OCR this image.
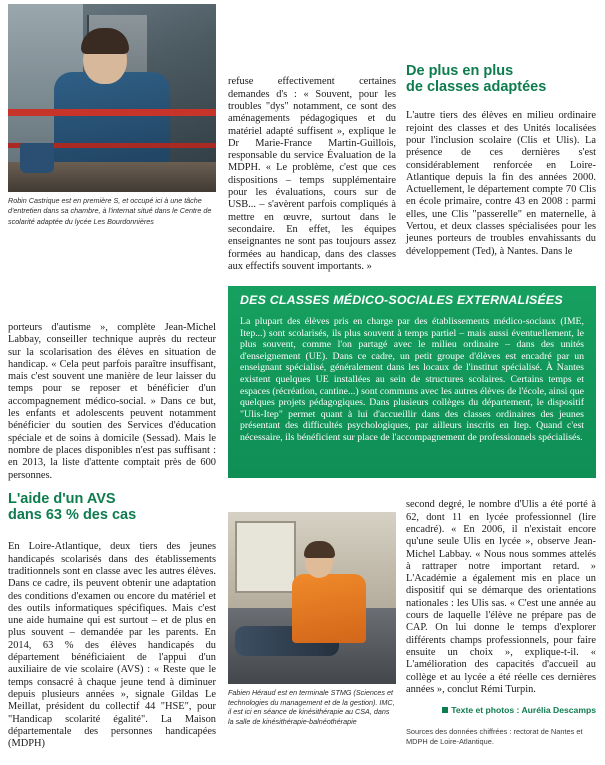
Robin Castrique est en première S, et occupé ici à une tâche d'entretien dans sa chambre, à l'internat situé dans le Centre de scolarité adaptée du lycée Les Bourdonnières

porteurs d'autisme », complète Jean-Michel Labbay, conseiller technique auprès du recteur sur la scolarisation des élèves en situation de handicap. « Cela peut parfois paraître insuffisant, mais c'est souvent une manière de leur laisser du temps pour se reposer et bénéficier d'un accompagnement médico-social. » Dans ce but, les enfants et adolescents peuvent notamment bénéficier du soutien des Services d'éducation spéciale et de soins à domicile (Sessad). Mais le nombre de places disponibles n'est pas suffisant : en 2013, la liste d'attente comptait près de 600 personnes.

L'aide d'un AVS
dans 63 % des cas

En Loire-Atlantique, deux tiers des jeunes handicapés scolarisés dans des établissements traditionnels sont en classe avec les autres élèves. Dans ce cadre, ils peuvent obtenir une adaptation des conditions d'examen ou encore du matériel et des outils informatiques spécifiques. Mais c'est une aide humaine qui est surtout – et de plus en plus souvent – demandée par les parents. En 2014, 63 % des élèves handicapés du département bénéficiaient de l'appui d'un auxiliaire de vie scolaire (AVS) : « Reste que le temps consacré à chaque jeune tend à diminuer depuis plusieurs années », signale Gildas Le Meillat, président du collectif 44 "HSE", pour "Handicap scolarité égalité". La Maison départementale des personnes handicapées (MDPH)

refuse effectivement certaines demandes d's : « Souvent, pour les troubles "dys" notamment, ce sont des aménagements pédagogiques et du matériel adapté suffisent », explique le Dr Marie-France Martin-Guillois, responsable du service Évaluation de la MDPH. « Le problème, c'est que ces dispositions – temps supplémentaire pour les évaluations, cours sur de USB... – s'avèrent parfois compliqués à mettre en œuvre, surtout dans le secondaire. En effet, les équipes enseignantes ne sont pas toujours assez formées au handicap, dans des classes aux effectifs souvent importants. »

De plus en plus
de classes adaptées

L'autre tiers des élèves en milieu ordinaire rejoint des classes et des Unités localisées pour l'inclusion scolaire (Clis et Ulis). La présence de ces dernières s'est considérablement renforcée en Loire-Atlantique depuis la fin des années 2000. Actuellement, le département compte 70 Clis en école primaire, contre 43 en 2008 : parmi elles, une Clis "passerelle" en maternelle, à Vertou, et deux classes spécialisées pour les jeunes porteurs de troubles envahissants du développement (Ted), à Nantes. Dans le

DES CLASSES MÉDICO-SOCIALES EXTERNALISÉES
La plupart des élèves pris en charge par des établissements médico-sociaux (IME, Itep...) sont scolarisés, ils plus souvent à temps partiel – mais aussi éventuellement, le plus souvent, comme l'on partagé avec le milieu ordinaire – dans des unités d'enseignement (UE). Dans ce cadre, un petit groupe d'élèves est encadré par un enseignant spécialisé, généralement dans les locaux de l'institut spécialisé. À Nantes existent quelques UE installées au sein de structures scolaires. Certains temps et espaces (récréation, cantine...) sont communs avec les autres élèves de l'école, ainsi que quelques projets pédagogiques. Dans plusieurs collèges du département, le dispositif "Ulis-Itep" permet quant à lui d'accueillir dans des classes ordinaires des jeunes présentant des difficultés psychologiques, par ailleurs inscrits en Itep. Quand c'est nécessaire, ils bénéficient sur place de l'accompagnement de professionnels spécialisés.
Fabien Héraud est en terminale STMG (Sciences et technologies du management et de la gestion). IMC, il est ici en séance de kinésithérapie au CSA, dans la salle de kinésithérapie-balnéothérapie

second degré, le nombre d'Ulis a été porté à 62, dont 11 en lycée professionnel (lire encadré). « En 2006, il n'existait encore qu'une seule Ulis en lycée », observe Jean-Michel Labbay. « Nous nous sommes attelés à rattraper notre important retard. » L'Académie a également mis en place un dispositif qui se démarque des orientations nationales : les Ulis sas. « C'est une année au cours de laquelle l'élève ne prépare pas de CAP. On lui donne le temps d'explorer différents champs professionnels, pour faire ensuite un choix », explique-t-il. « L'amélioration des capacités d'accueil au collège et au lycée a été réelle ces dernières années », conclut Rémi Turpin.

Texte et photos : Aurélia Descamps
Sources des données chiffrées : rectorat de Nantes et MDPH de Loire-Atlantique.
